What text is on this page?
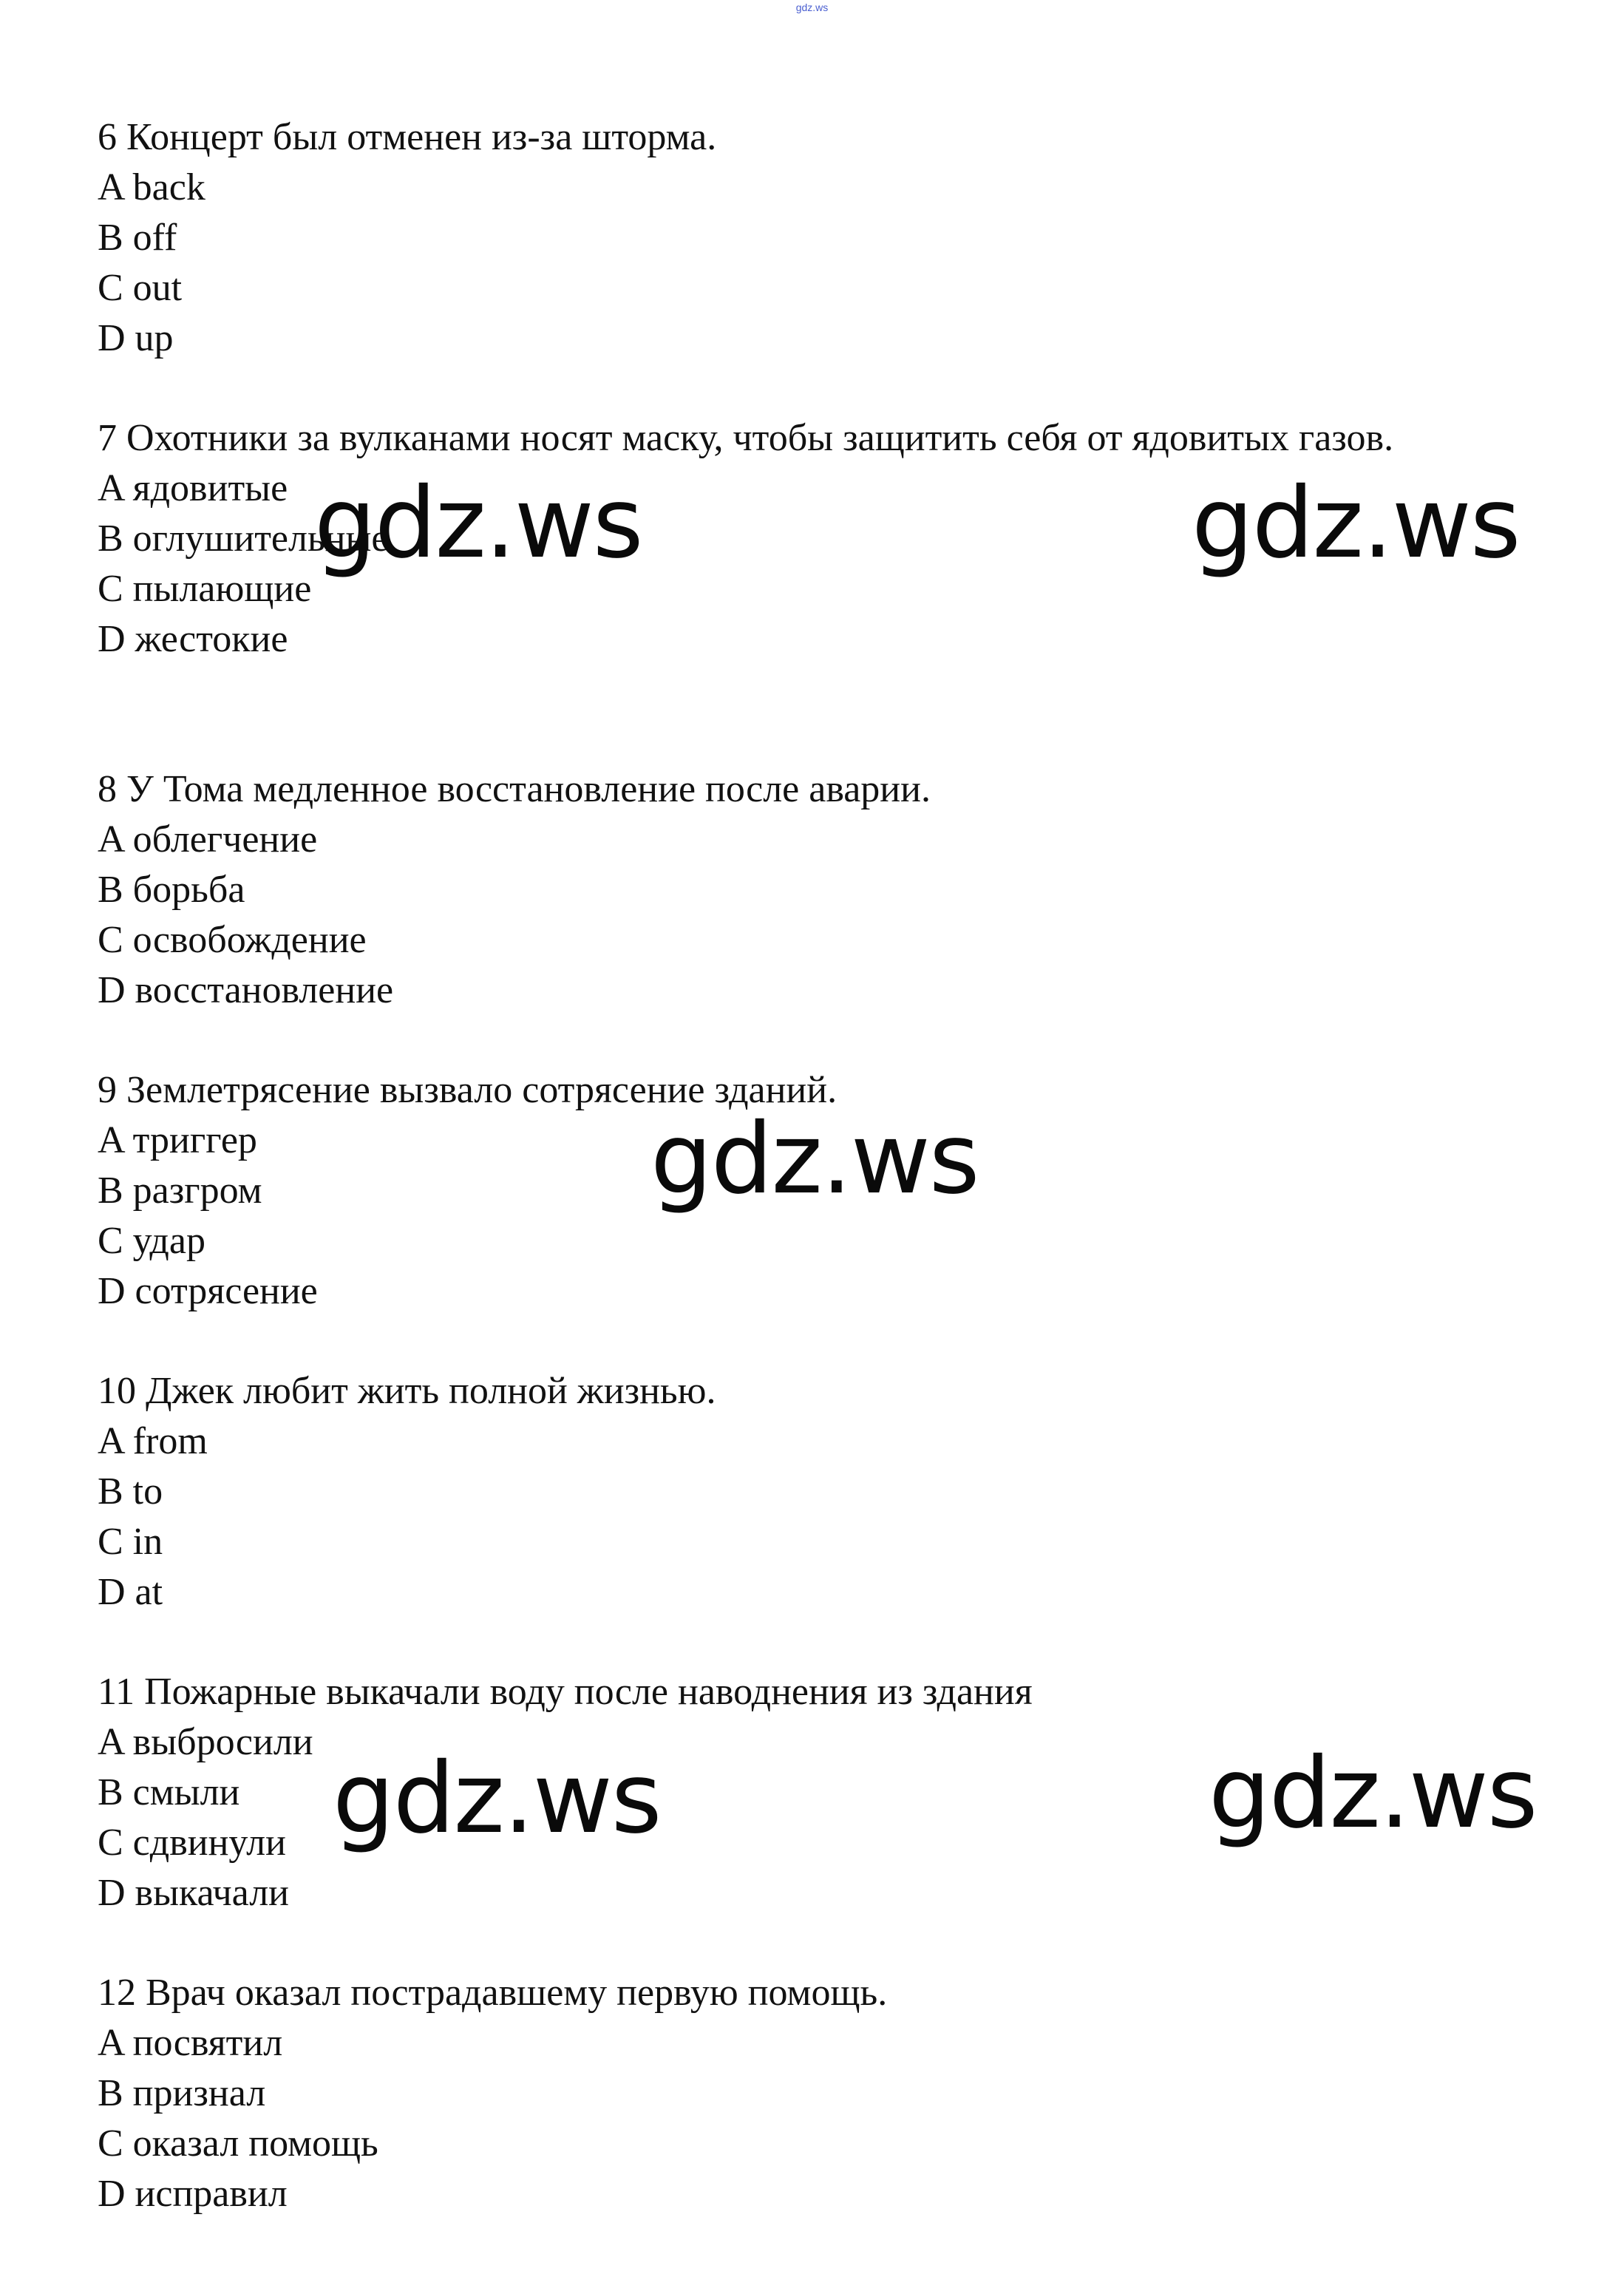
gdz.ws

6 Концерт был отменен из-за шторма.

A back

B off

C out

D up

7 Охотники за вулканами носят маску, чтобы защитить себя от ядовитых газов.

A ядовитые

B оглушительные

C пылающие

D жестокие

8 У Тома медленное восстановление после аварии.

A облегчение

B борьба

C освобождение

D восстановление

9 Землетрясение вызвало сотрясение зданий.

A триггер

B разгром

C удар

D сотрясение

10 Джек любит жить полной жизнью.

A from

B to

C in

D at

11 Пожарные выкачали воду после наводнения из здания

A выбросили

B смыли

C сдвинули

D выкачали

12 Врач оказал пострадавшему первую помощь.

A посвятил

B признал

C оказал помощь

D исправил

gdz.ws	gdz.ws
gdz.ws
gdz.ws	gdz.ws
